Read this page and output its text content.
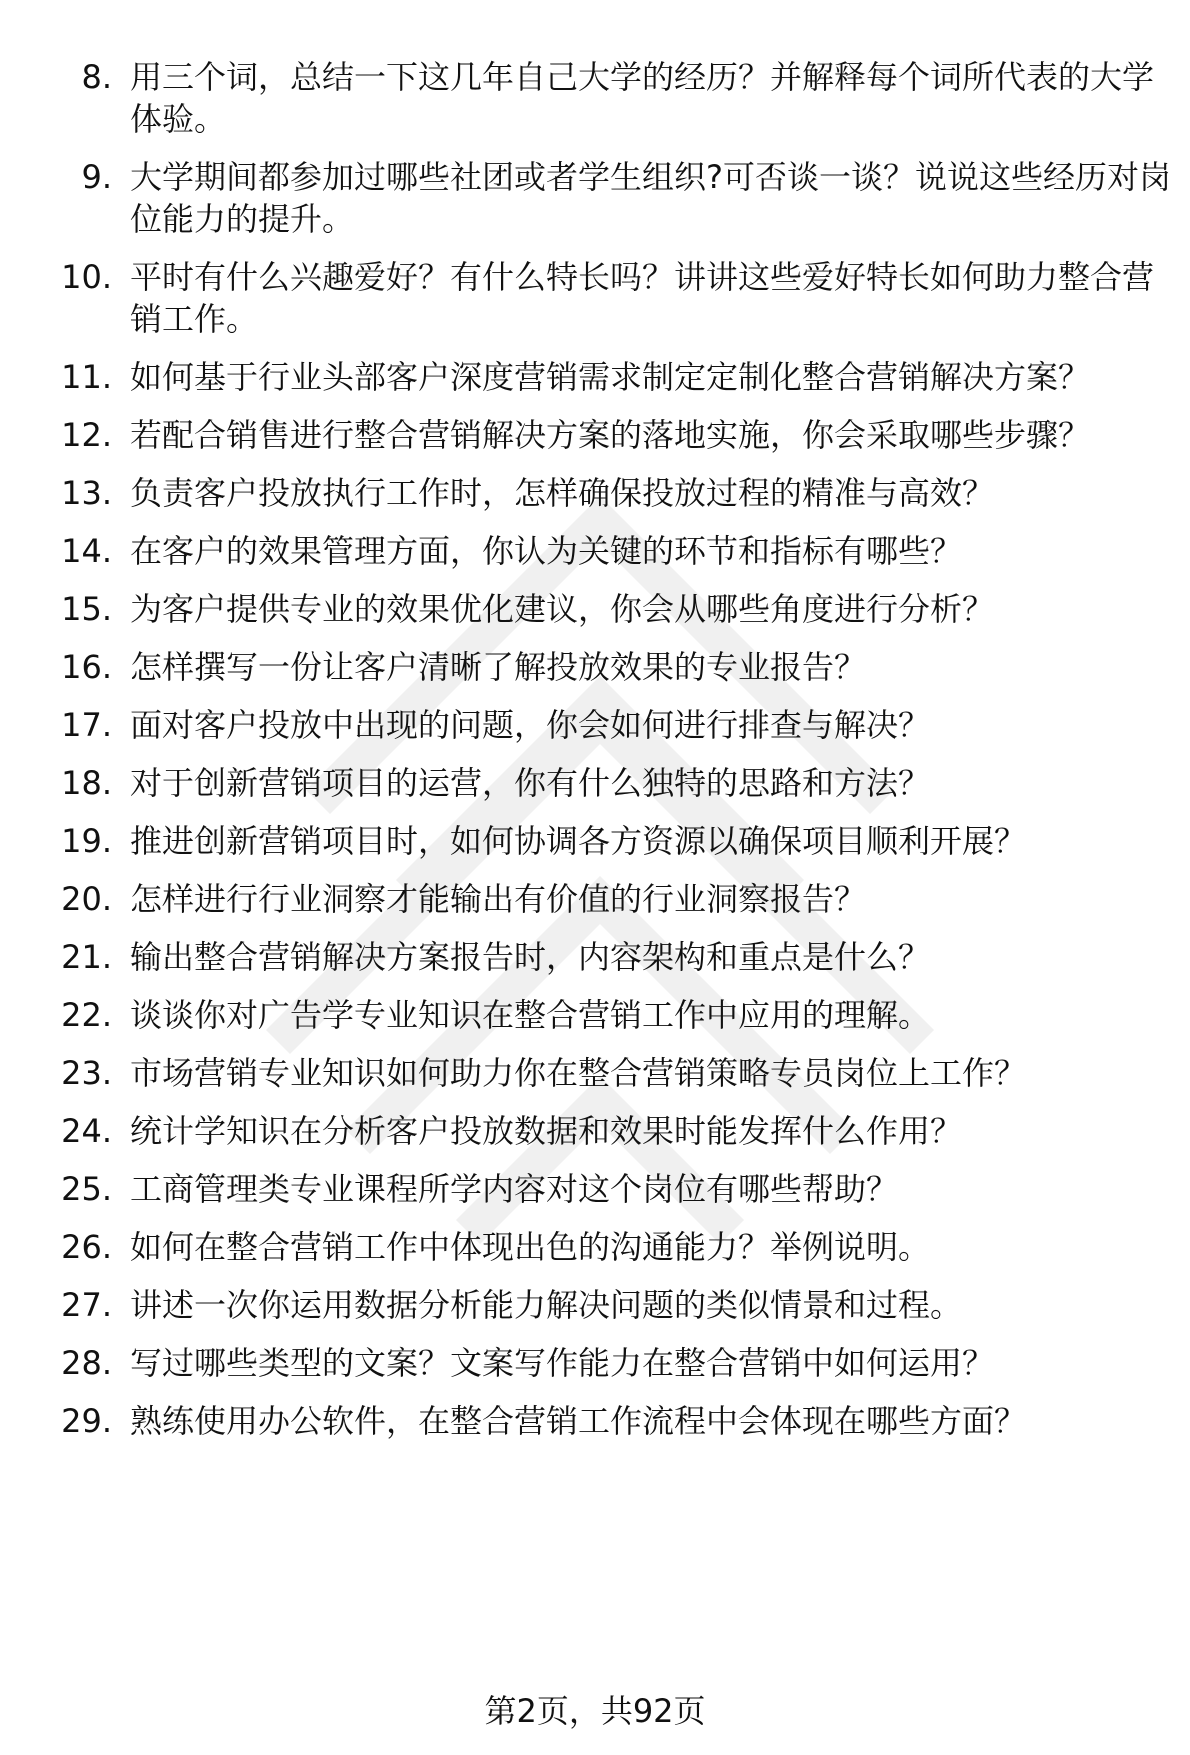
8. 用三个词，总结一下这几年自己大学的经历？并解释每个词所代表的大学体验。
9. 大学期间都参加过哪些社团或者学生组织?可否谈一谈？说说这些经历对岗位能力的提升。
10. 平时有什么兴趣爱好？有什么特长吗？讲讲这些爱好特长如何助力整合营销工作。
11. 如何基于行业头部客户深度营销需求制定定制化整合营销解决方案？
12. 若配合销售进行整合营销解决方案的落地实施，你会采取哪些步骤？
13. 负责客户投放执行工作时，怎样确保投放过程的精准与高效？
14. 在客户的效果管理方面，你认为关键的环节和指标有哪些？
15. 为客户提供专业的效果优化建议，你会从哪些角度进行分析？
16. 怎样撰写一份让客户清晰了解投放效果的专业报告？
17. 面对客户投放中出现的问题，你会如何进行排查与解决？
18. 对于创新营销项目的运营，你有什么独特的思路和方法？
19. 推进创新营销项目时，如何协调各方资源以确保项目顺利开展？
20. 怎样进行行业洞察才能输出有价值的行业洞察报告？
21. 输出整合营销解决方案报告时，内容架构和重点是什么？
22. 谈谈你对广告学专业知识在整合营销工作中应用的理解。
23. 市场营销专业知识如何助力你在整合营销策略专员岗位上工作？
24. 统计学知识在分析客户投放数据和效果时能发挥什么作用？
25. 工商管理类专业课程所学内容对这个岗位有哪些帮助？
26. 如何在整合营销工作中体现出色的沟通能力？举例说明。
27. 讲述一次你运用数据分析能力解决问题的类似情景和过程。
28. 写过哪些类型的文案？文案写作能力在整合营销中如何运用？
29. 熟练使用办公软件，在整合营销工作流程中会体现在哪些方面？
第2页，共92页
